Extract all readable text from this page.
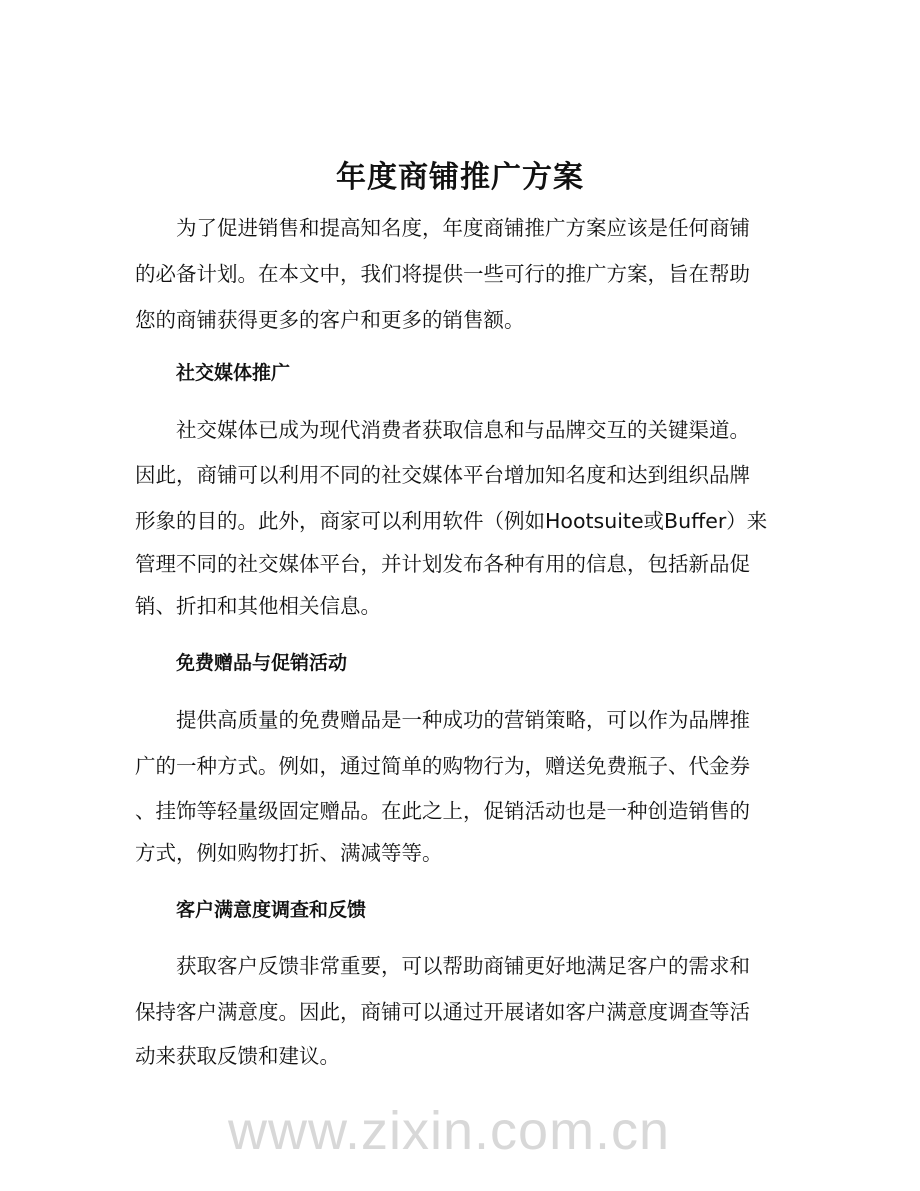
年度商铺推广方案
为了促进销售和提高知名度，年度商铺推广方案应该是任何商铺
的必备计划。在本文中，我们将提供一些可行的推广方案，旨在帮助
您的商铺获得更多的客户和更多的销售额。
社交媒体推广
社交媒体已成为现代消费者获取信息和与品牌交互的关键渠道。
因此，商铺可以利用不同的社交媒体平台增加知名度和达到组织品牌
形象的目的。此外，商家可以利用软件（例如Hootsuite或Buffer）来
管理不同的社交媒体平台，并计划发布各种有用的信息，包括新品促
销、折扣和其他相关信息。
免费赠品与促销活动
提供高质量的免费赠品是一种成功的营销策略，可以作为品牌推
广的一种方式。例如，通过简单的购物行为，赠送免费瓶子、代金券
、挂饰等轻量级固定赠品。在此之上，促销活动也是一种创造销售的
方式，例如购物打折、满减等等。
客户满意度调查和反馈
获取客户反馈非常重要，可以帮助商铺更好地满足客户的需求和
保持客户满意度。因此，商铺可以通过开展诸如客户满意度调查等活
动来获取反馈和建议。
www.zixin.com.cn
